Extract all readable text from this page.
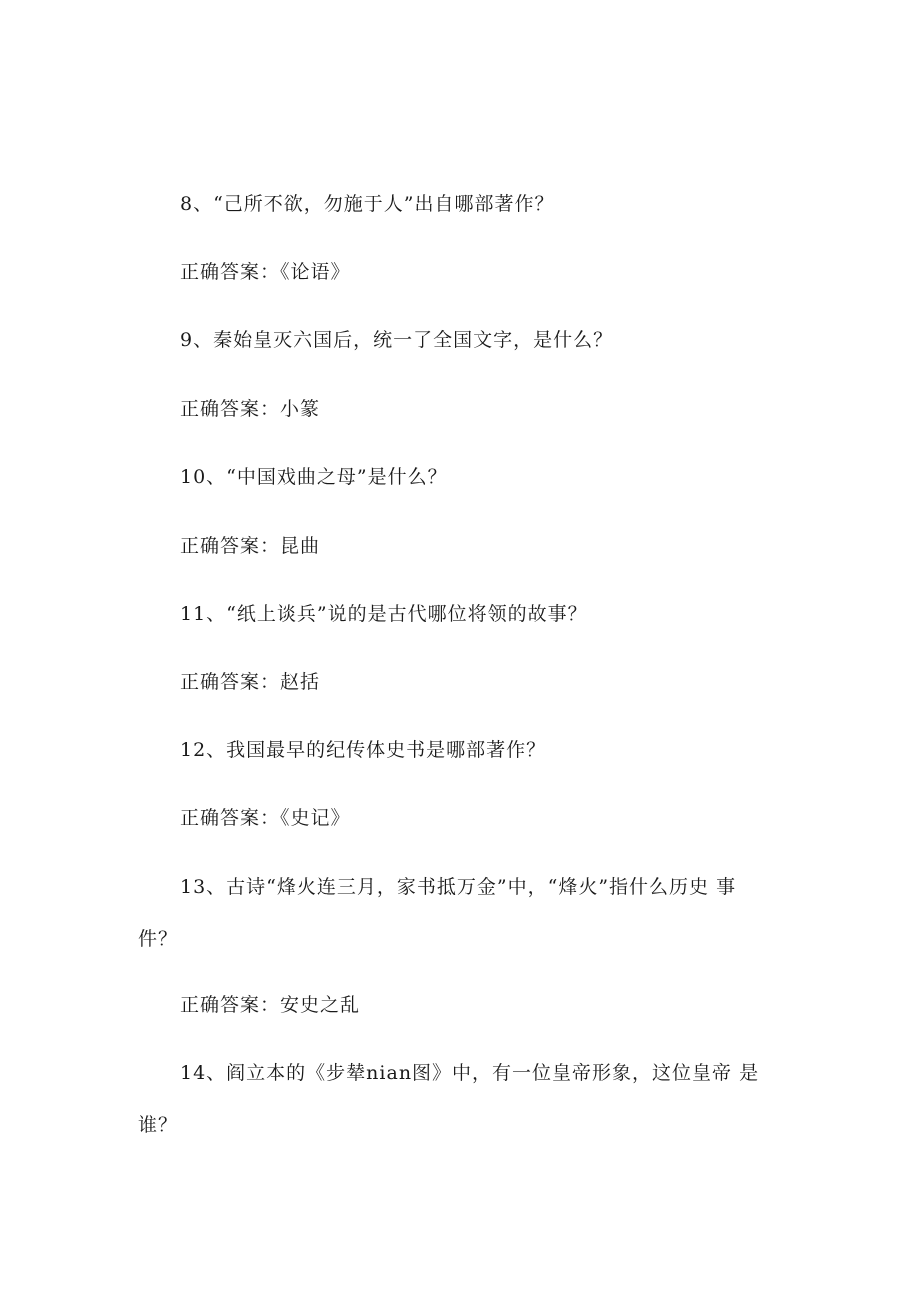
8、“己所不欲，勿施于人”出自哪部著作？

正确答案：《论语》

9、秦始皇灭六国后，统一了全国文字，是什么？

正确答案：小篆

10、“中国戏曲之母”是什么？

正确答案：昆曲

11、“纸上谈兵”说的是古代哪位将领的故事？

正确答案：赵括

12、我国最早的纪传体史书是哪部著作？

正确答案：《史记》

13、古诗“烽火连三月，家书抵万金”中，“烽火”指什么历史 事

件？

正确答案：安史之乱

14、阎立本的《步辇nian图》中，有一位皇帝形象，这位皇帝 是

谁？
